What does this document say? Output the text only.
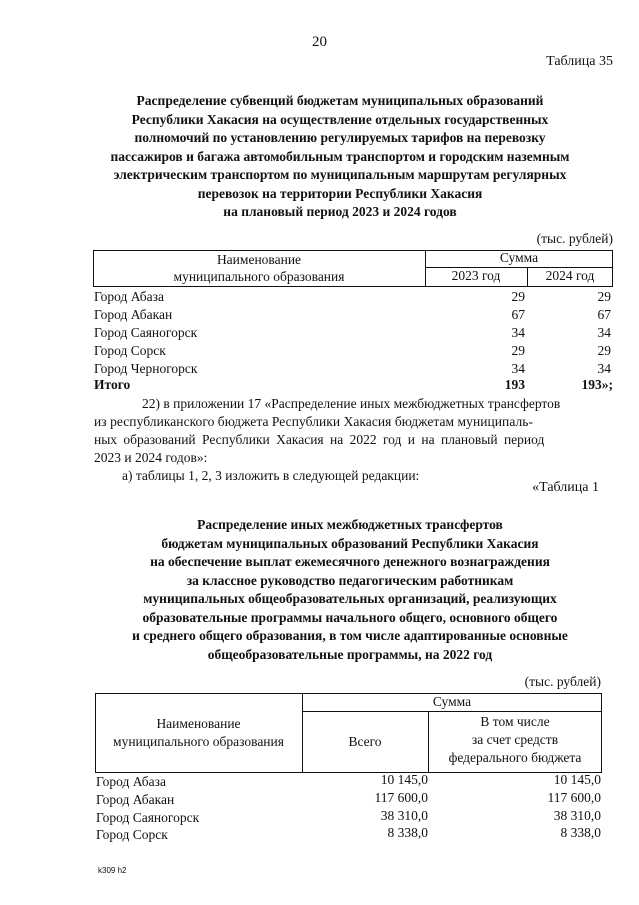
20
Таблица 35
Распределение субвенций бюджетам муниципальных образований
Республики Хакасия на осуществление отдельных государственных
полномочий по установлению регулируемых тарифов на перевозку
пассажиров и багажа автомобильным транспортом и городским наземным
электрическим транспортом по муниципальным маршрутам регулярных
перевозок на территории Республики Хакасия
на плановый период 2023 и 2024 годов
(тыс. рублей)
Наименование
муниципального образования
Сумма
2023 год	2024 год
Город Абаза	29	29
Город Абакан	67	67
Город Саяногорск	34	34
Город Сорск	29	29
Город Черногорск	34	34
Итого	193	193»;
22) в приложении 17 «Распределение иных межбюджетных трансфертов
из республиканского бюджета Республики Хакасия бюджетам муниципаль-
ных образований Республики Хакасия на 2022 год и на плановый период
2023 и 2024 годов»:
а) таблицы 1, 2, 3 изложить в следующей редакции:
«Таблица 1
Распределение иных межбюджетных трансфертов
бюджетам муниципальных образований Республики Хакасия
на обеспечение выплат ежемесячного денежного вознаграждения
за классное руководство педагогическим работникам
муниципальных общеобразовательных организаций, реализующих
образовательные программы начального общего, основного общего
и среднего общего образования, в том числе адаптированные основные
общеобразовательные программы, на 2022 год
(тыс. рублей)
Наименование
муниципального образования
Сумма
Всего
В том числе
за счет средств
федерального бюджета
Город Абаза	10 145,0	10 145,0
Город Абакан	117 600,0	117 600,0
Город Саяногорск	38 310,0	38 310,0
Город Сорск	8 338,0	8 338,0
k309 h2
